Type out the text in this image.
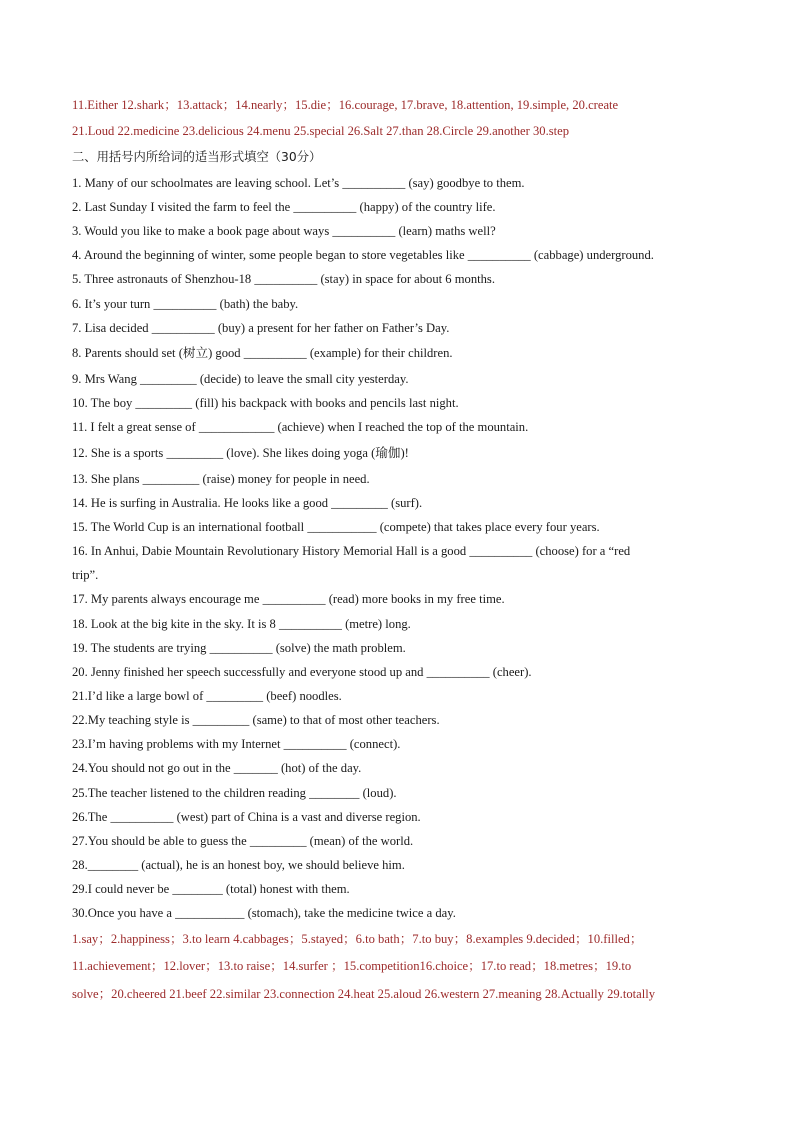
11.Either 12.shark；13.attack；14.nearly；15.die；16.courage, 17.brave, 18.attention, 19.simple, 20.create
21.Loud 22.medicine 23.delicious 24.menu 25.special 26.Salt 27.than 28.Circle 29.another 30.step
二、用括号内所给词的适当形式填空（30分）
1. Many of our schoolmates are leaving school. Let’s __________ (say) goodbye to them.
2. Last Sunday I visited the farm to feel the __________ (happy) of the country life.
3. Would you like to make a book page about ways __________ (learn) maths well?
4. Around the beginning of winter, some people began to store vegetables like __________ (cabbage) underground.
5. Three astronauts of Shenzhou-18 __________ (stay) in space for about 6 months.
6. It’s your turn __________ (bath) the baby.
7. Lisa decided __________ (buy) a present for her father on Father’s Day.
8. Parents should set (树立) good __________ (example) for their children.
9. Mrs Wang _________ (decide) to leave the small city yesterday.
10. The boy _________ (fill) his backpack with books and pencils last night.
11. I felt a great sense of ____________ (achieve) when I reached the top of the mountain.
12. She is a sports _________ (love). She likes doing yoga (瑜伽)!
13. She plans _________ (raise) money for people in need.
14. He is surfing in Australia. He looks like a good _________ (surf).
15. The World Cup is an international football ___________ (compete) that takes place every four years.
16. In Anhui, Dabie Mountain Revolutionary History Memorial Hall is a good __________ (choose) for a “red
trip”.
17. My parents always encourage me __________ (read) more books in my free time.
18. Look at the big kite in the sky. It is 8 __________ (metre) long.
19. The students are trying __________ (solve) the math problem.
20. Jenny finished her speech successfully and everyone stood up and __________ (cheer).
21.I’d like a large bowl of _________ (beef) noodles.
22.My teaching style is _________ (same) to that of most other teachers.
23.I’m having problems with my Internet __________ (connect).
24.You should not go out in the _______ (hot) of the day.
25.The teacher listened to the children reading ________ (loud).
26.The __________ (west) part of China is a vast and diverse region.
27.You should be able to guess the _________ (mean) of the world.
28.________ (actual), he is an honest boy, we should believe him.
29.I could never be ________ (total) honest with them.
30.Once you have a ___________ (stomach), take the medicine twice a day.
1.say；2.happiness；3.to learn 4.cabbages；5.stayed；6.to bath；7.to buy；8.examples 9.decided；10.filled；
11.achievement；12.lover；13.to raise；14.surfer ；15.competition16.choice；17.to read；18.metres；19.to
solve；20.cheered 21.beef 22.similar 23.connection 24.heat 25.aloud 26.western 27.meaning 28.Actually 29.totally
